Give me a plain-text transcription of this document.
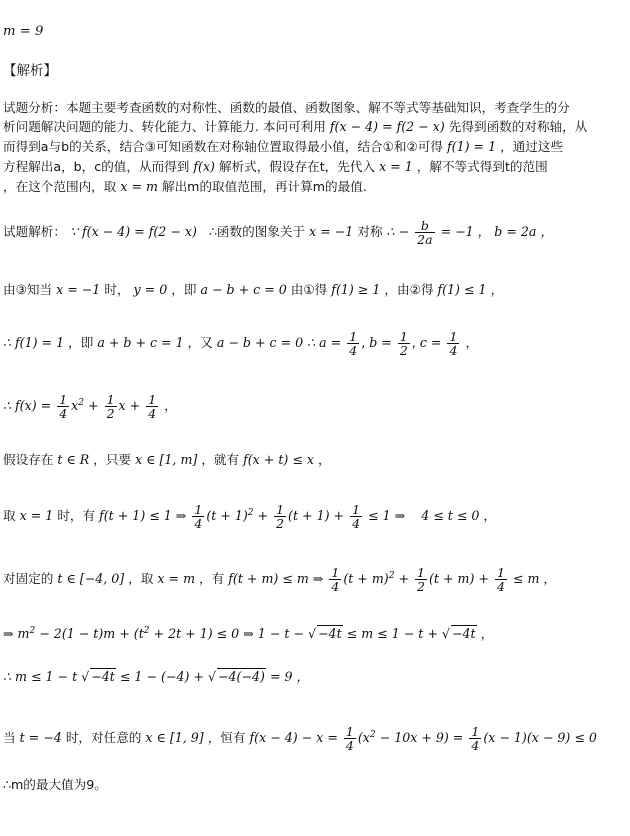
m = 9
【解析】
试题分析：本题主要考查函数的对称性、函数的最值、函数图象、解不等式等基础知识，考查学生的分
析问题解决问题的能力、转化能力、计算能力. 本问可利用 f(x − 4) = f(2 − x) 先得到函数的对称轴，从
而得到a与b的关系，结合③可知函数在对称轴位置取得最小值，结合①和②可得 f(1) = 1 ，通过这些
方程解出a，b，c的值，从而得到 f(x) 解析式，假设存在t，先代入 x = 1 ，解不等式得到t的范围
，在这个范围内，取 x = m 解出m的取值范围，再计算m的最值.
试题解析： ∵ f(x − 4) = f(2 − x) ∴函数的图象关于 x = −1 对称 ∴ − $\frac{b}{2a} = -1$ ， b = 2a ，
由③知当 x = −1 时， y = 0 ，即 a − b + c = 0 由①得 f(1) ≥ 1 ，由②得 f(1) ≤ 1 ，
∴ f(1) = 1 ，即 a + b + c = 1 ，又 a − b + c = 0 ∴ $a = \frac{1}{4}$ , $b = \frac{1}{2}$ , $c = \frac{1}{4}$ ，
∴ $f(x) = \frac{1}{4} x^2 + \frac{1}{2}$ $x + \frac{1}{4}$ ，
假设存在 t ∈ R ，只要 x ∈ [1, m] ，就有 f(x + t) ≤ x ，
取 x = 1 时，有 f(t + 1) ≤ 1 ⇒ $\frac{1}{4} (t + 1)^2 + \frac{1}{2} (t + 1) + \frac{1}{4} \le 1$ ⇒ 4 ≤ t ≤ 0 ，
对固定的 t ∈ [−4, 0] ，取 x = m ，有 f(t + m) ≤ m ⇒ $\frac{1}{4} (t + m)^2 + \frac{1}{2} (t + m) + \frac{1}{4} \le m$ ，
⇒ $m^2 - 2(1 - t)m + (t^2 + 2t + 1) \le 0$ ⇒ 1 − t − √ −4t ≤ m ≤ 1 − t + √ −4t ，
∴ m ≤ 1 − t √ −4t ≤ 1 − (−4) + √ −4(−4) = 9 ，
当 t = −4 时，对任意的 x ∈ [1, 9] ，恒有 $f(x - 4) - x = \frac{1}{4} (x^2 - 10x + 9) = \frac{1}{4} (x - 1)(x - 9) \le 0$
∴m的最大值为9。
